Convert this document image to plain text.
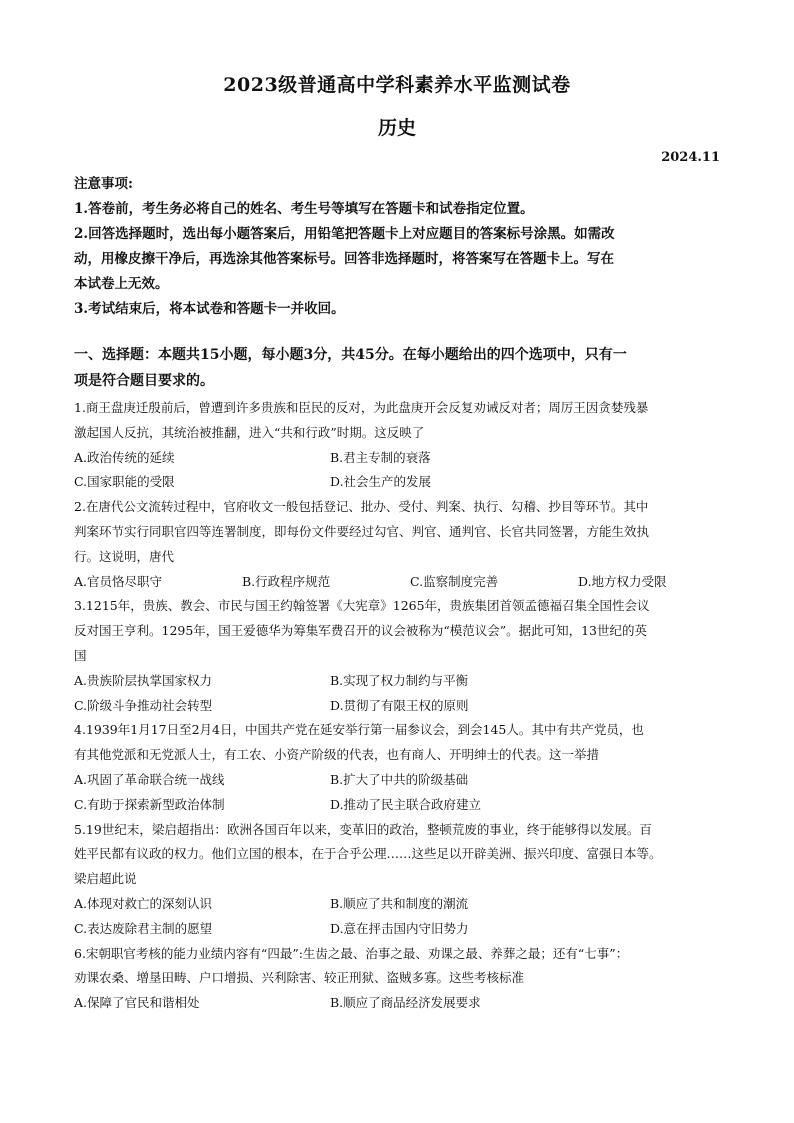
2023级普通高中学科素养水平监测试卷
历史
2024.11

注意事项:

1.答卷前，考生务必将自己的姓名、考生号等填写在答题卡和试卷指定位置。

2.回答选择题时，选出每小题答案后，用铅笔把答题卡上对应题目的答案标号涂黑。如需改

动，用橡皮擦干净后，再选涂其他答案标号。回答非选择题时，将答案写在答题卡上。写在

本试卷上无效。

3.考试结束后，将本试卷和答题卡一并收回。

一、选择题：本题共15小题，每小题3分，共45分。在每小题给出的四个选项中，只有一
项是符合题目要求的。

1.商王盘庚迁殷前后，曾遭到许多贵族和臣民的反对，为此盘庚开会反复劝诫反对者；周厉王因贪婪残暴

激起国人反抗，其统治被推翻，进入“共和行政”时期。这反映了

A.政治传统的延续	B.君主专制的衰落
C.国家职能的受限	D.社会生产的发展

2.在唐代公文流转过程中，官府收文一般包括登记、批办、受付、判案、执行、勾稽、抄目等环节。其中

判案环节实行同职官四等连署制度，即每份文件要经过勾官、判官、通判官、长官共同签署，方能生效执

行。这说明，唐代

A.官员恪尽职守	B.行政程序规范	C.监察制度完善	D.地方权力受限

3.1215年，贵族、教会、市民与国王约翰签署《大宪章》1265年，贵族集团首领孟德福召集全国性会议

反对国王亨利。1295年，国王爱德华为筹集军费召开的议会被称为“模范议会”。据此可知，13世纪的英

国

A.贵族阶层执掌国家权力	B.实现了权力制约与平衡
C.阶级斗争推动社会转型	D.贯彻了有限王权的原则

4.1939年1月17日至2月4日，中国共产党在延安举行第一届参议会，到会145人。其中有共产党员，也

有其他党派和无党派人士，有工农、小资产阶级的代表，也有商人、开明绅士的代表。这一举措

A.巩固了革命联合统一战线	B.扩大了中共的阶级基础
C.有助于探索新型政治体制	D.推动了民主联合政府建立

5.19世纪末，梁启超指出：欧洲各国百年以来，变革旧的政治，整顿荒废的事业，终于能够得以发展。百

姓平民都有议政的权力。他们立国的根本，在于合乎公理……这些足以开辟美洲、振兴印度、富强日本等。

梁启超此说

A.体现对救亡的深刻认识	B.顺应了共和制度的潮流
C.表达废除君主制的愿望	D.意在抨击国内守旧势力

6.宋朝职官考核的能力业绩内容有“四最”:生齿之最、治事之最、劝课之最、养葬之最；还有“七事”：

劝课农桑、增垦田畴、户口增损、兴利除害、较正刑狱、盗贼多寡。这些考核标准

A.保障了官民和谐相处	B.顺应了商品经济发展要求
